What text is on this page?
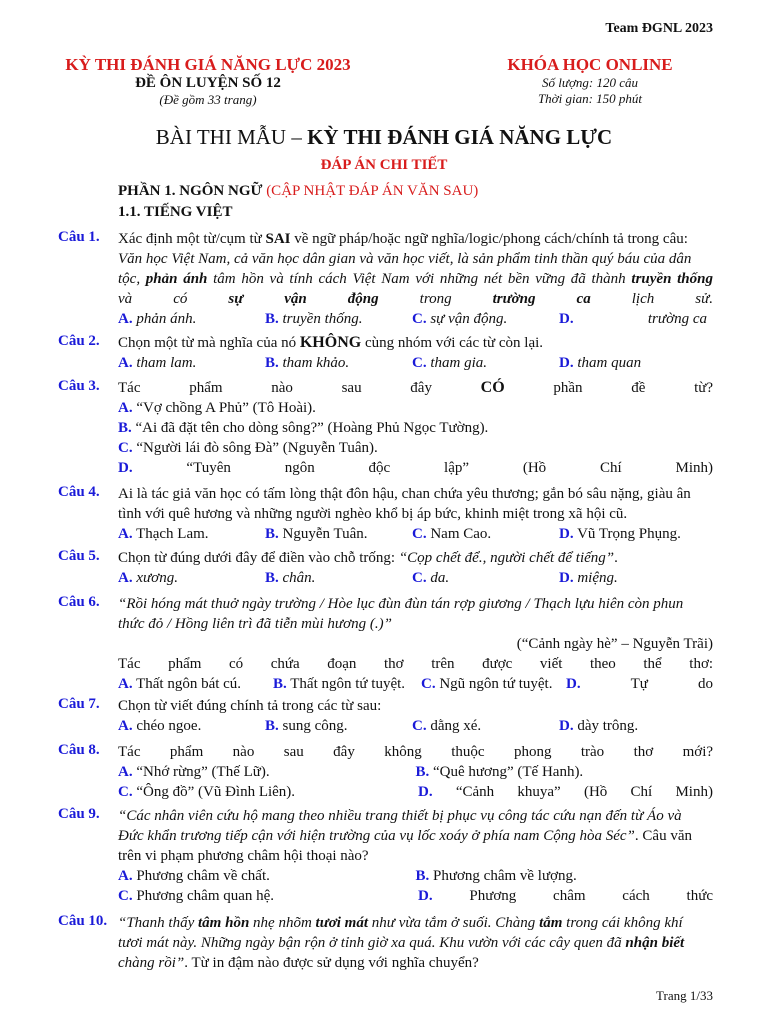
Team ĐGNL 2023
KỲ THI ĐÁNH GIÁ NĂNG LỰC 2023
ĐỀ ÔN LUYỆN SỐ 12
(Đề gồm 33 trang)
KHÓA HỌC ONLINE
Số lượng: 120 câu
Thời gian: 150 phút
BÀI THI MẪU – KỲ THI ĐÁNH GIÁ NĂNG LỰC
ĐÁP ÁN CHI TIẾT
PHẦN 1. NGÔN NGỮ (CẬP NHẬT ĐÁP ÁN VĂN SAU)
1.1. TIẾNG VIỆT
Câu 1. Xác định một từ/cụm từ SAI về ngữ pháp/hoặc ngữ nghĩa/logic/phong cách/chính tả trong câu:

Văn học Việt Nam, cả văn học dân gian và văn học viết, là sản phẩm tinh thần quý báu của dân

tộc, phản ánh tâm hồn và tính cách Việt Nam với những nét bền vững đã thành truyền thống

và	có	sự vận động	trong	trường ca	lịch sử.

A. phản ánh.	B. truyền thống.	C. sự vận động.	D.	trường ca
Câu 2. Chọn một từ mà nghĩa của nó KHÔNG cùng nhóm với các từ còn lại.

A. tham lam.	B. tham khảo.	C. tham gia.	D. tham quan
Câu 3. Tác	phẩm	nào	sau	đây	CÓ	phần	đề	từ?

A. “Vợ chồng A Phủ” (Tô Hoài).

B. “Ai đã đặt tên cho dòng sông?” (Hoàng Phủ Ngọc Tường).

C. “Người lái đò sông Đà” (Nguyễn Tuân).

D.	“Tuyên	ngôn	độc	lập”	(Hồ	Chí	Minh)

Câu 4. Ai là tác giả văn học có tấm lòng thật đôn hậu, chan chứa yêu thương; gắn bó sâu nặng, giàu ân

tình với quê hương và những người nghèo khổ bị áp bức, khinh miệt trong xã hội cũ.

A. Thạch Lam.	B. Nguyễn Tuân.	C. Nam Cao.	D. Vũ Trọng Phụng.
Câu 5. Chọn từ đúng dưới đây để điền vào chỗ trống: “Cọp chết để., người chết để tiếng”.

A. xương.	B. chân.	C. da.	D. miệng.
Câu 6. “Rồi hóng mát thuở ngày trường / Hòe lục đùn đùn tán rợp giương / Thạch lựu hiên còn phun

thức đỏ / Hồng liên trì đã tiễn mùi hương (.)”

(“Cảnh ngày hè” – Nguyễn Trãi)

Tác phẩm có chứa đoạn thơ trên được viết theo thể thơ:

A. Thất ngôn bát cú.	B. Thất ngôn tứ tuyệt.	C. Ngũ ngôn tứ tuyệt. D.	Tự	do
Câu 7. Chọn từ viết đúng chính tả trong các từ sau:

A. chéo ngoe.	B. sung công.	C. dằng xé.	D. dày trông.
Câu 8. Tác phẩm nào sau đây không thuộc phong trào thơ mới?

A. “Nhớ rừng” (Thế Lữ).	B. “Quê hương” (Tế Hanh).
C. “Ông đồ” (Vũ Đình Liên).	D. “Cảnh khuya” (Hồ Chí Minh)
Câu 9. “Các nhân viên cứu hộ mang theo nhiều trang thiết bị phục vụ công tác cứu nạn đến từ Áo và

Đức khẩn trương tiếp cận với hiện trường của vụ lốc xoáy ở phía nam Cộng hòa Séc”. Câu văn

trên vi phạm phương châm hội thoại nào?

A. Phương châm về chất.	B. Phương châm về lượng.
C. Phương châm quan hệ.	D. Phương châm cách thức
Câu 10. “Thanh thấy tâm hồn nhẹ nhõm tươi mát như vừa tắm ở suối. Chàng tắm trong cái không khí

tươi mát này. Những ngày bận rộn ở tỉnh giờ xa quá. Khu vườn với các cây quen đã nhận biết

chàng rồi”. Từ in đậm nào được sử dụng với nghĩa chuyển?

Trang 1/33
